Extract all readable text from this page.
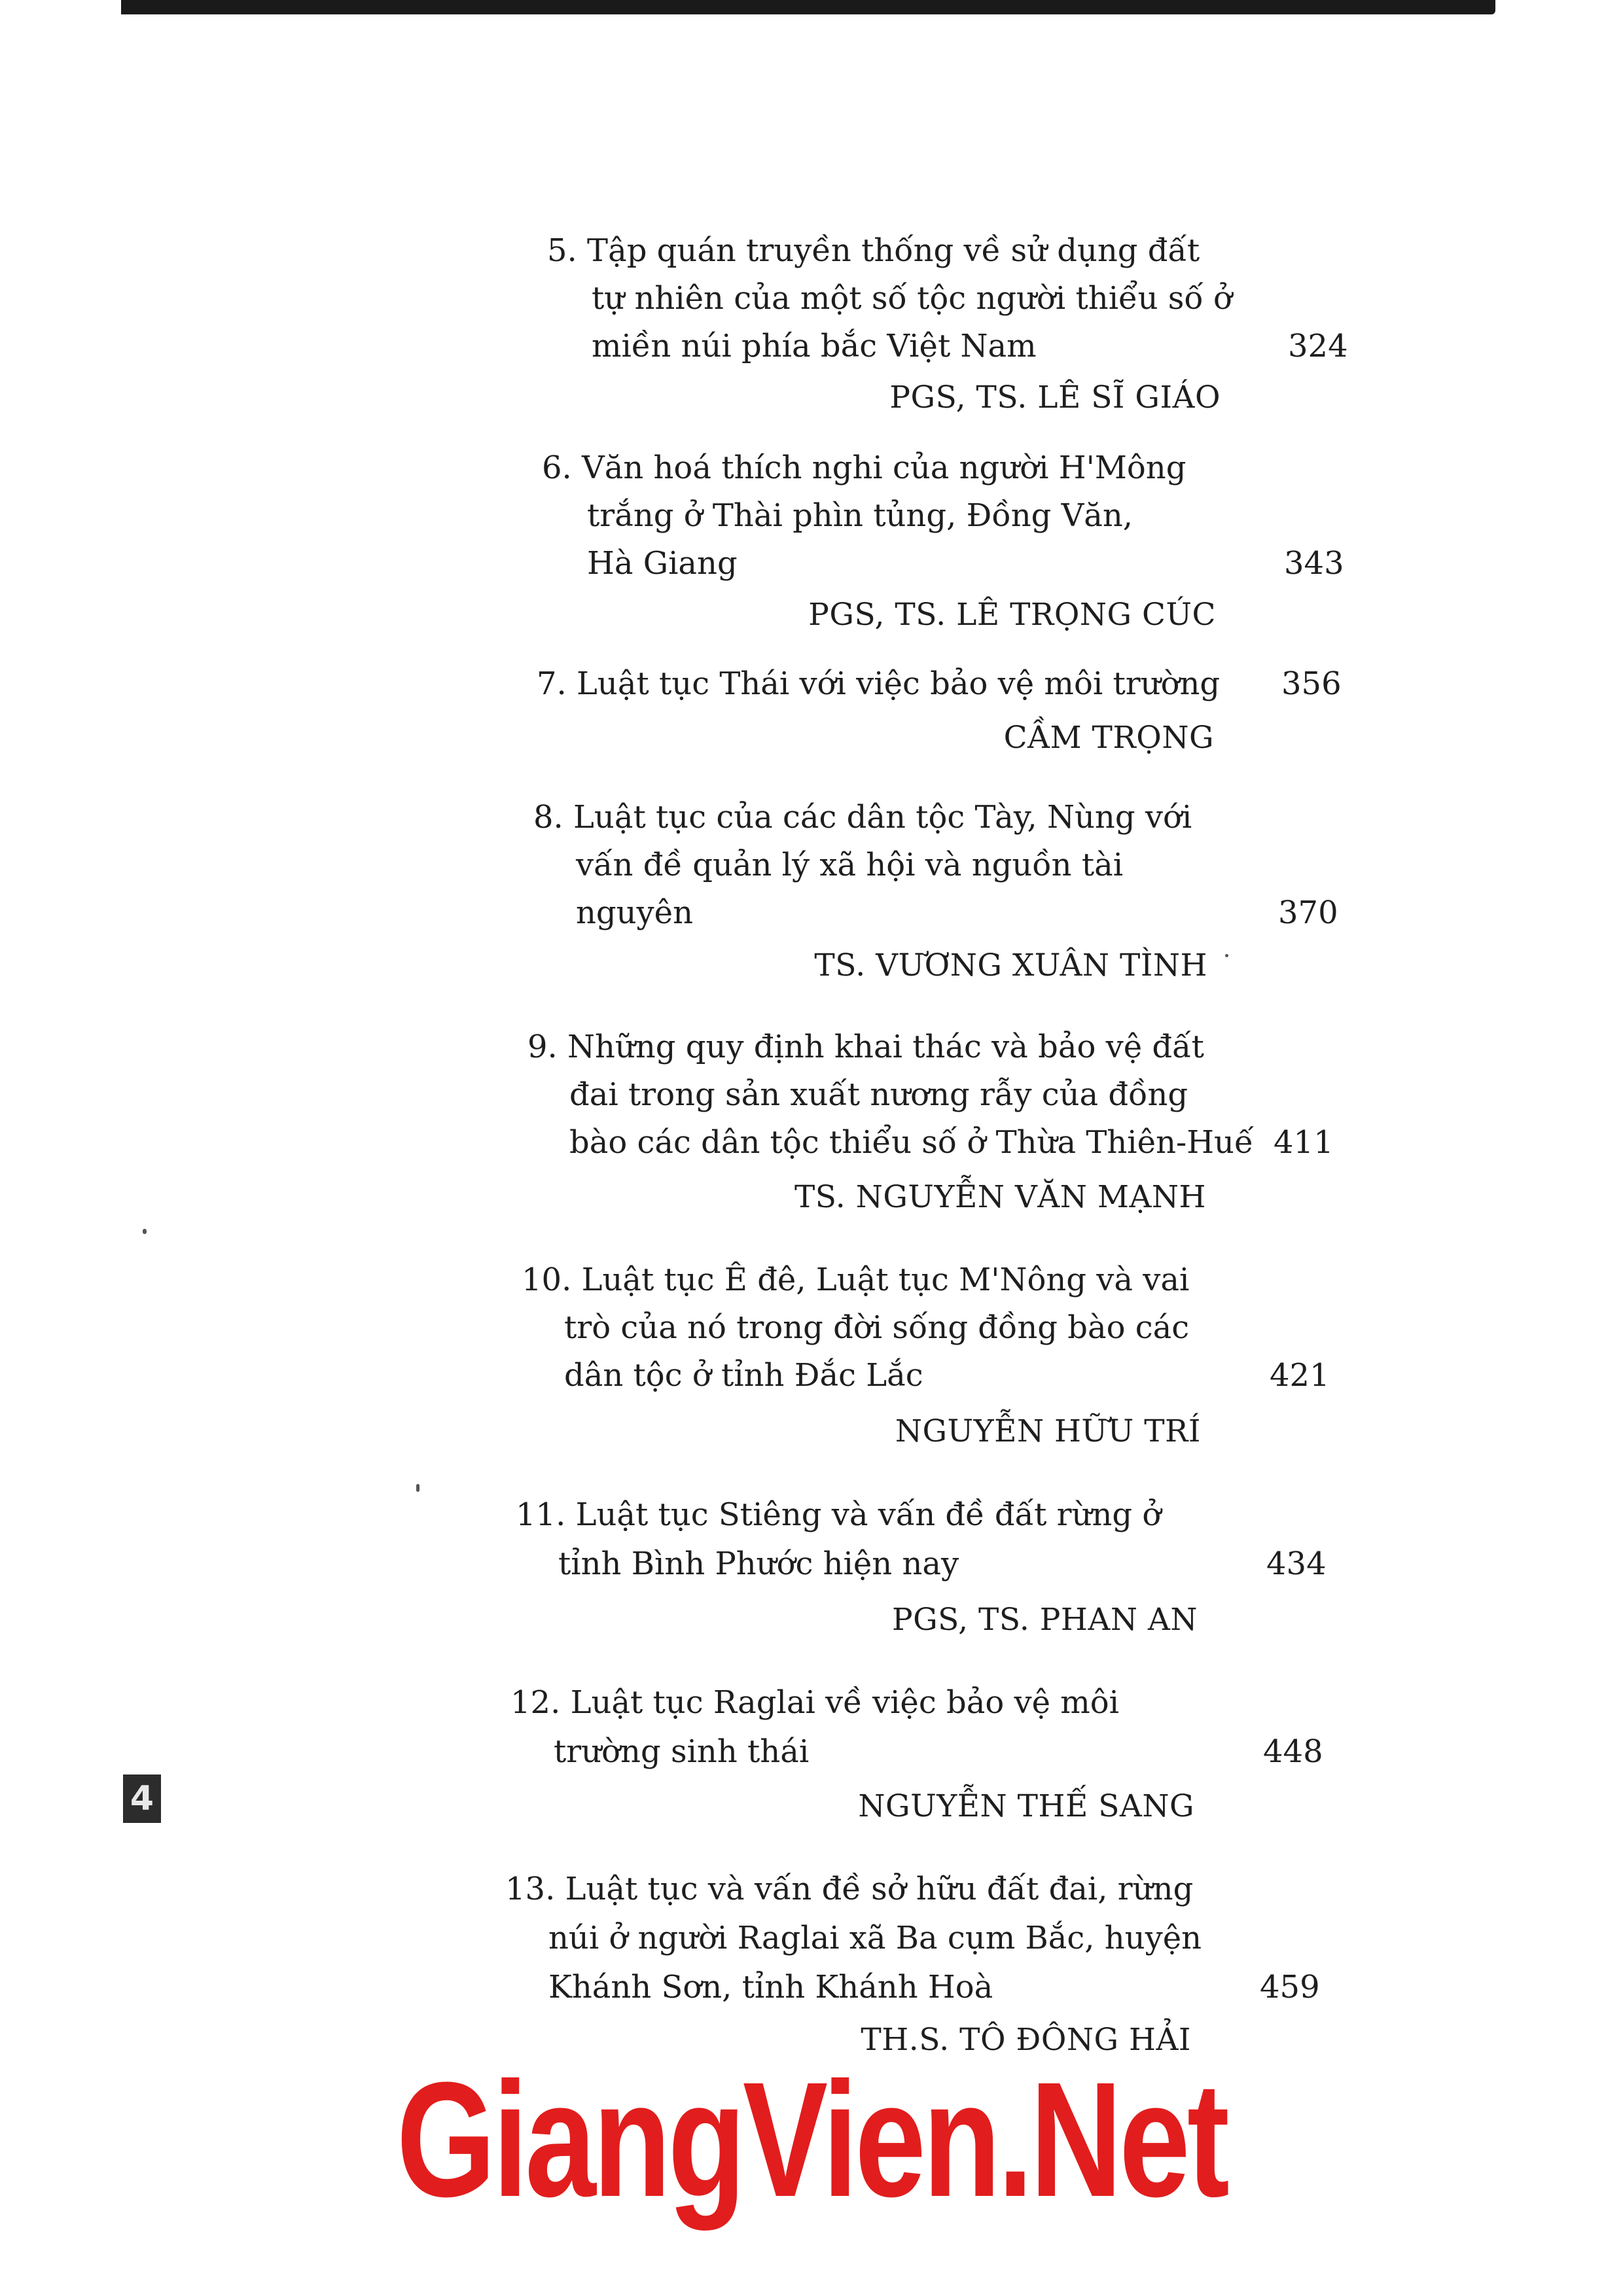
5. Tập quán truyền thống về sử dụng đất
tự nhiên của một số tộc người thiểu số ở
miền núi phía bắc Việt Nam	324
PGS, TS. LÊ SĨ GIÁO
6. Văn hoá thích nghi của người H'Mông
trắng ở Thài phìn tủng, Đồng Văn,
Hà Giang	343
PGS, TS. LÊ TRỌNG CÚC
7. Luật tục Thái với việc bảo vệ môi trường 356
CẦM TRỌNG
8. Luật tục của các dân tộc Tày, Nùng với
vấn đề quản lý xã hội và nguồn tài
nguyên	370
TS. VƯƠNG XUÂN TÌNH
9. Những quy định khai thác và bảo vệ đất
đai trong sản xuất nương rẫy của đồng
bào các dân tộc thiểu số ở Thừa Thiên-Huế 411
TS. NGUYỄN VĂN MẠNH
10. Luật tục Ê đê, Luật tục M'Nông và vai
trò của nó trong đời sống đồng bào các
dân tộc ở tỉnh Đắc Lắc	421
NGUYỄN HỮU TRÍ
11. Luật tục Stiêng và vấn đề đất rừng ở
tỉnh Bình Phước hiện nay	434
PGS, TS. PHAN AN
12. Luật tục Raglai về việc bảo vệ môi
trường sinh thái	448
NGUYỄN THẾ SANG
13. Luật tục và vấn đề sở hữu đất đai, rừng
núi ở người Raglai xã Ba cụm Bắc, huyện
Khánh Sơn, tỉnh Khánh Hoà	459
TH.S. TÔ ĐÔNG HẢI
4
GiangVien.Net
